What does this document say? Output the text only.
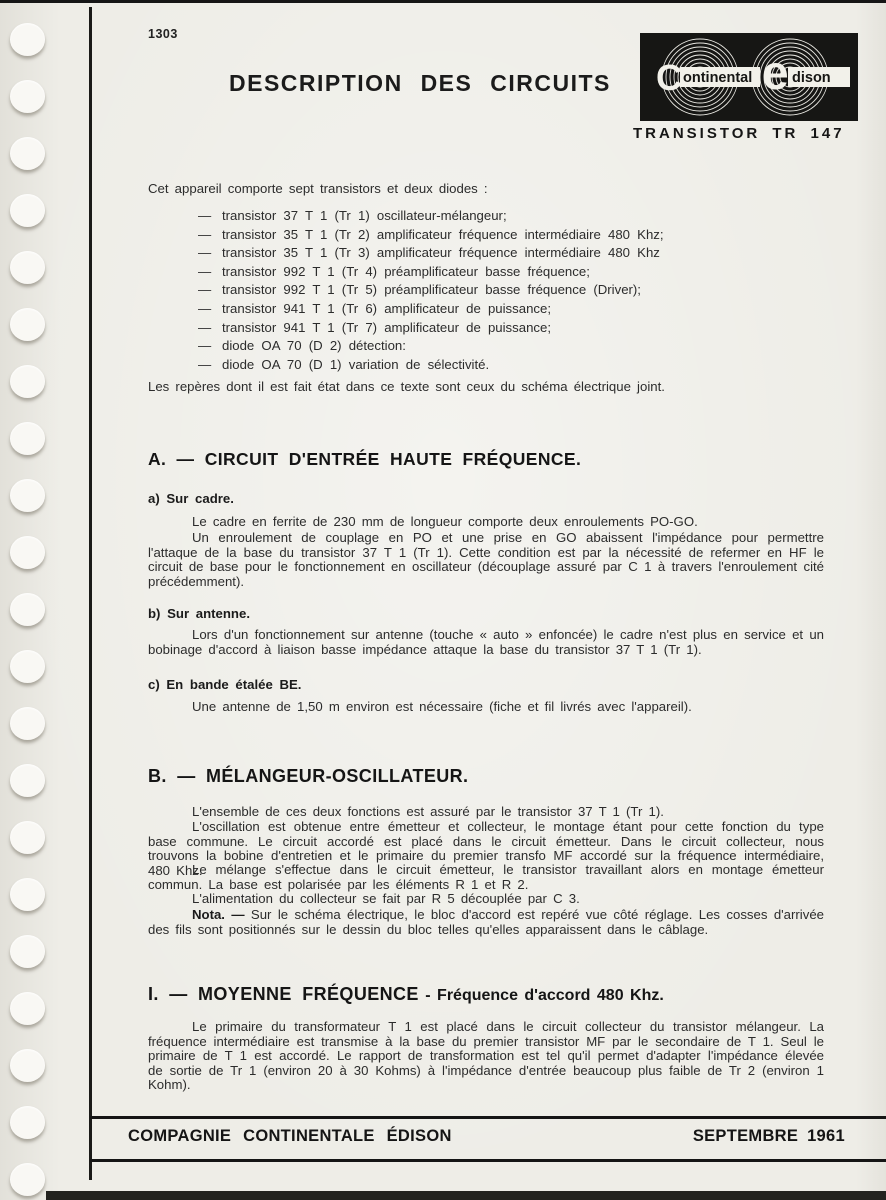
1303
DESCRIPTION DES CIRCUITS C ontinental e dison
TRANSISTOR TR 147
Cet appareil comporte sept transistors et deux diodes :
— transistor 37 T 1 (Tr 1) oscillateur-mélangeur;
— transistor 35 T 1 (Tr 2) amplificateur fréquence intermédiaire 480 Khz;
— transistor 35 T 1 (Tr 3) amplificateur fréquence intermédiaire 480 Khz
— transistor 992 T 1 (Tr 4) préamplificateur basse fréquence;
— transistor 992 T 1 (Tr 5) préamplificateur basse fréquence (Driver);
— transistor 941 T 1 (Tr 6) amplificateur de puissance;
— transistor 941 T 1 (Tr 7) amplificateur de puissance;
— diode OA 70 (D 2) détection:
— diode OA 70 (D 1) variation de sélectivité.
Les repères dont il est fait état dans ce texte sont ceux du schéma électrique joint.
A. — CIRCUIT D'ENTRÉE HAUTE FRÉQUENCE.
a) Sur cadre.
Le cadre en ferrite de 230 mm de longueur comporte deux enroulements PO-GO.
Un enroulement de couplage en PO et une prise en GO abaissent l'impédance pour permettre l'attaque de la base du transistor 37 T 1 (Tr 1). Cette condition est par la nécessité de refermer en HF le circuit de base pour le fonctionnement en oscillateur (découplage assuré par C 1 à travers l'enroulement cité précédemment).
b) Sur antenne.
Lors d'un fonctionnement sur antenne (touche « auto » enfoncée) le cadre n'est plus en service et un bobinage d'accord à liaison basse impédance attaque la base du transistor 37 T 1 (Tr 1).
c) En bande étalée BE.
Une antenne de 1,50 m environ est nécessaire (fiche et fil livrés avec l'appareil).
B. — MÉLANGEUR-OSCILLATEUR.
L'ensemble de ces deux fonctions est assuré par le transistor 37 T 1 (Tr 1).
L'oscillation est obtenue entre émetteur et collecteur, le montage étant pour cette fonction du type base commune. Le circuit accordé est placé dans le circuit émetteur. Dans le circuit collecteur, nous trouvons la bobine d'entretien et le primaire du premier transfo MF accordé sur la fréquence intermédiaire, 480 Khz.
Le mélange s'effectue dans le circuit émetteur, le transistor travaillant alors en montage émetteur commun. La base est polarisée par les éléments R 1 et R 2.
L'alimentation du collecteur se fait par R 5 découplée par C 3.
Nota. — Sur le schéma électrique, le bloc d'accord est repéré vue côté réglage. Les cosses d'arrivée des fils sont positionnés sur le dessin du bloc telles qu'elles apparaissent dans le câblage.
I. — MOYENNE FRÉQUENCE - Fréquence d'accord 480 Khz.
Le primaire du transformateur T 1 est placé dans le circuit collecteur du transistor mélangeur. La fréquence intermédiaire est transmise à la base du premier transistor MF par le secondaire de T 1. Seul le primaire de T 1 est accordé. Le rapport de transformation est tel qu'il permet d'adapter l'impédance élevée de sortie de Tr 1 (environ 20 à 30 Kohms) à l'impédance d'entrée beaucoup plus faible de Tr 2 (environ 1 Kohm).
COMPAGNIE CONTINENTALE ÉDISON	SEPTEMBRE 1961
